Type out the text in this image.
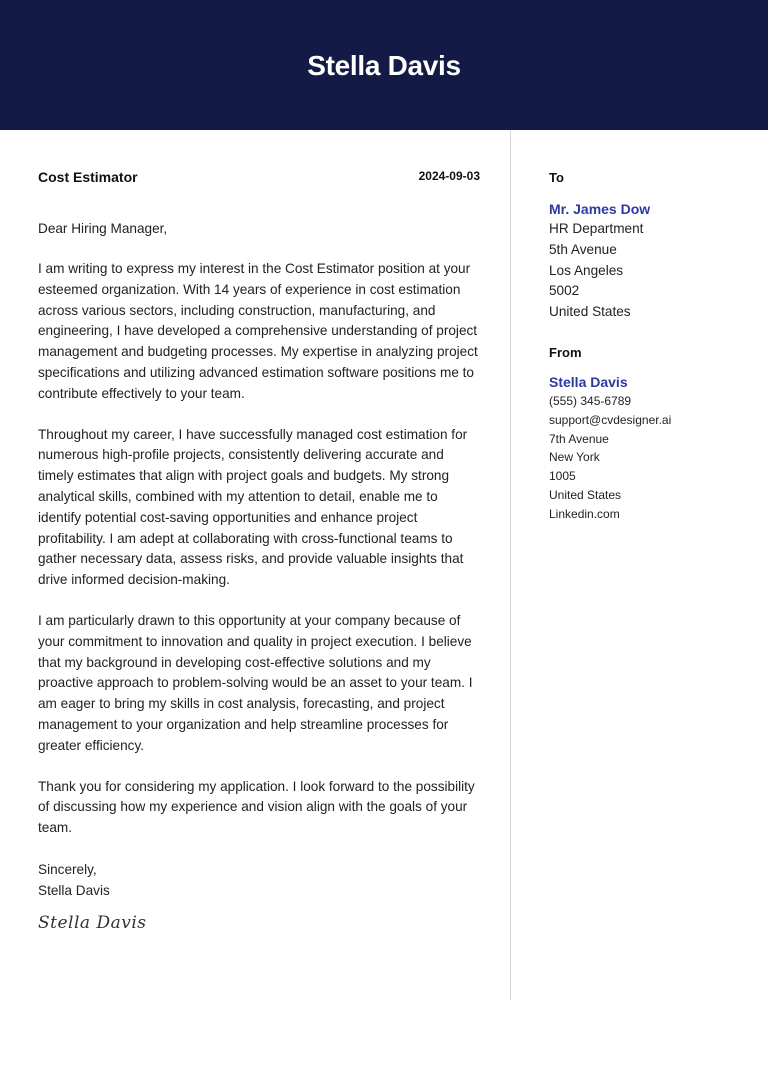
Stella Davis
Cost Estimator	2024-09-03
Dear Hiring Manager,
I am writing to express my interest in the Cost Estimator position at your esteemed organization. With 14 years of experience in cost estimation across various sectors, including construction, manufacturing, and engineering, I have developed a comprehensive understanding of project management and budgeting processes. My expertise in analyzing project specifications and utilizing advanced estimation software positions me to contribute effectively to your team.
Throughout my career, I have successfully managed cost estimation for numerous high-profile projects, consistently delivering accurate and timely estimates that align with project goals and budgets. My strong analytical skills, combined with my attention to detail, enable me to identify potential cost-saving opportunities and enhance project profitability. I am adept at collaborating with cross-functional teams to gather necessary data, assess risks, and provide valuable insights that drive informed decision-making.
I am particularly drawn to this opportunity at your company because of your commitment to innovation and quality in project execution. I believe that my background in developing cost-effective solutions and my proactive approach to problem-solving would be an asset to your team. I am eager to bring my skills in cost analysis, forecasting, and project management to your organization and help streamline processes for greater efficiency.
Thank you for considering my application. I look forward to the possibility of discussing how my experience and vision align with the goals of your team.
Sincerely,
Stella Davis
Stella Davis
To
Mr. James Dow
HR Department
5th Avenue
Los Angeles
5002
United States
From
Stella Davis
(555) 345-6789
support@cvdesigner.ai
7th Avenue
New York
1005
United States
Linkedin.com
